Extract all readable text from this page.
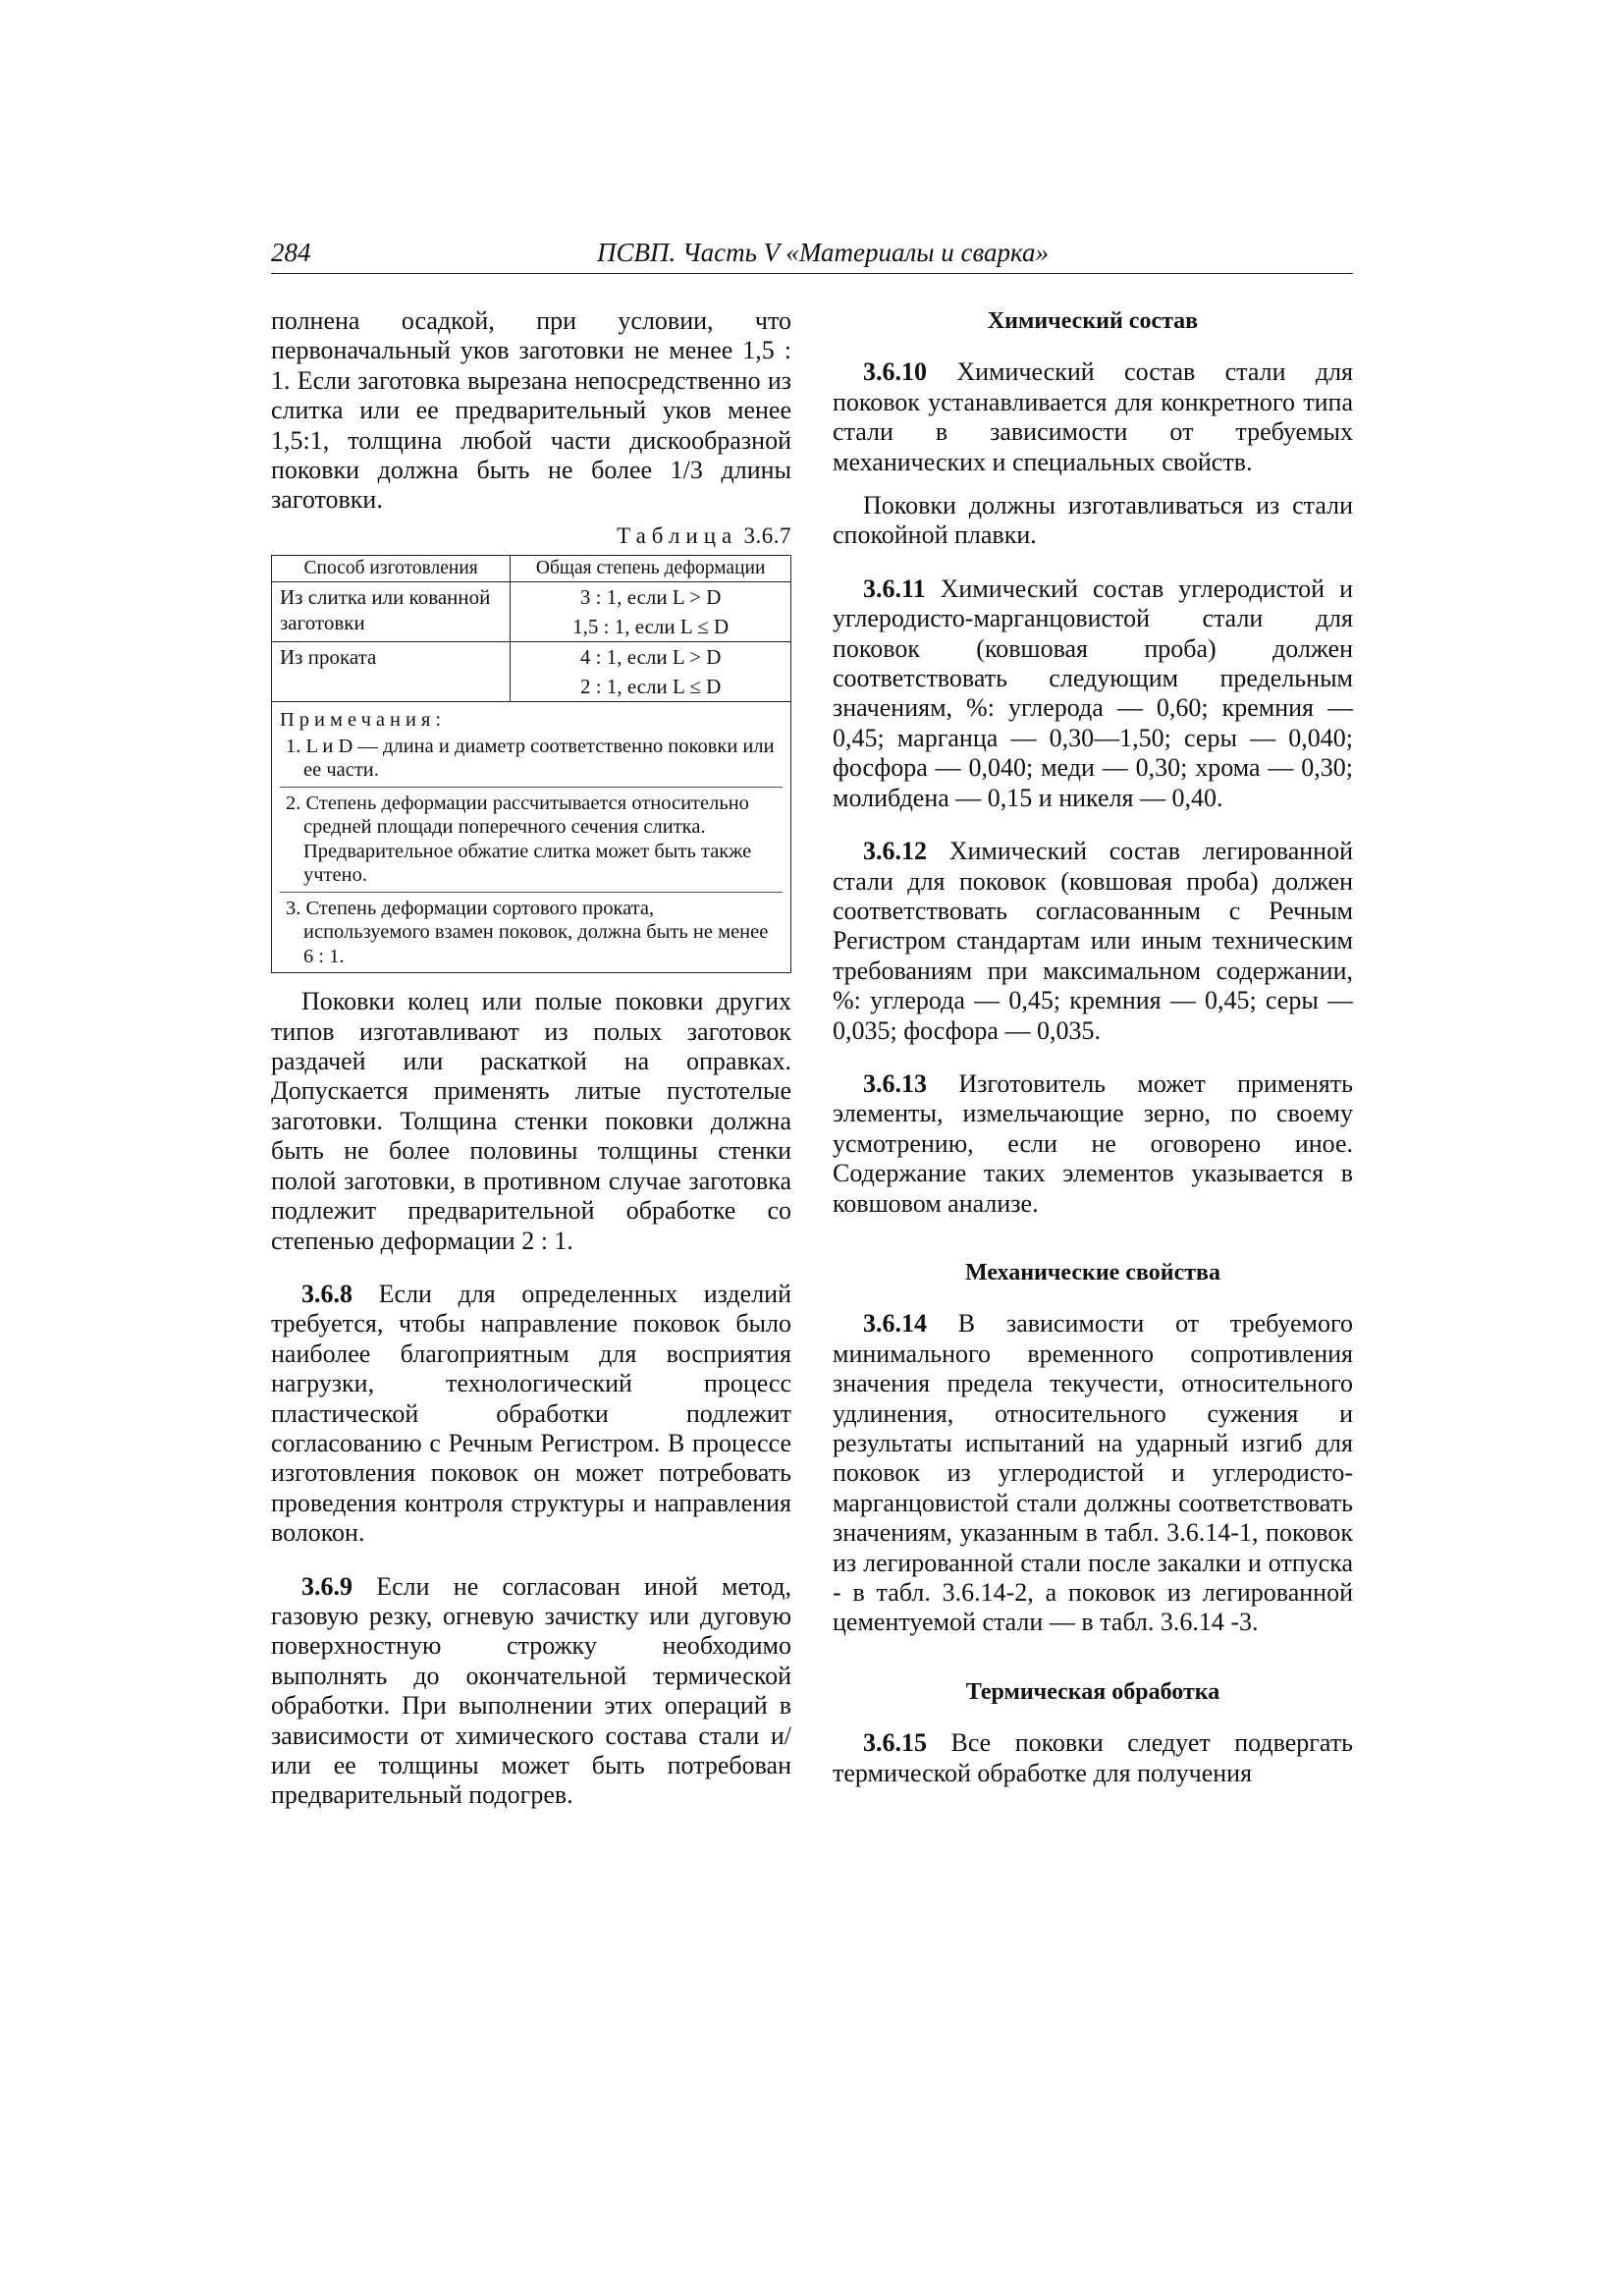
284	ПСВП. Часть V «Материалы и сварка»

полнена осадкой, при условии, что первоначальный уков заготовки не менее 1,5 : 1. Если заготовка вырезана непосредственно из слитка или ее предварительный уков менее 1,5:1, толщина любой части дискообразной поковки должна быть не более 1/3 длины заготовки.

Таблица 3.6.7
Способ изготовления	Общая степень деформации
Из слитка или кованной заготовки	3 : 1, если L > D
	1,5 : 1, если L ≤ D
Из проката	4 : 1, если L > D
	2 : 1, если L ≤ D

Примечания:

1. L и D — длина и диаметр соответственно поковки или ее части.

2. Степень деформации рассчитывается относительно средней площади поперечного сечения слитка. Предварительное обжатие слитка может быть также учтено.

3. Степень деформации сортового проката, используемого взамен поковок, должна быть не менее 6 : 1.	

Поковки колец или полые поковки других типов изготавливают из полых заготовок раздачей или раскаткой на оправках. Допускается применять литые пустотелые заготовки. Толщина стенки поковки должна быть не более половины толщины стенки полой заготовки, в противном случае заготовка подлежит предварительной обработке со степенью деформации 2 : 1.

3.6.8 Если для определенных изделий требуется, чтобы направление поковок было наиболее благоприятным для восприятия нагрузки, технологический процесс пластической обработки подлежит согласованию с Речным Регистром. В процессе изготовления поковок он может потребовать проведения контроля структуры и направления волокон.

3.6.9 Если не согласован иной метод, газовую резку, огневую зачистку или дуговую поверхностную строжку необходимо выполнять до окончательной термической обработки. При выполнении этих операций в зависимости от химического состава стали и/или ее толщины может быть потребован предварительный подогрев.

Химический состав

3.6.10 Химический состав стали для поковок устанавливается для конкретного типа стали в зависимости от требуемых механических и специальных свойств.

Поковки должны изготавливаться из стали спокойной плавки.

3.6.11 Химический состав углеродистой и углеродисто-марганцовистой стали для поковок (ковшовая проба) должен соответствовать следующим предельным значениям, %: углерода — 0,60; кремния — 0,45; марганца — 0,30—1,50; серы — 0,040; фосфора — 0,040; меди — 0,30; хрома — 0,30; молибдена — 0,15 и никеля — 0,40.

3.6.12 Химический состав легированной стали для поковок (ковшовая проба) должен соответствовать согласованным с Речным Регистром стандартам или иным техническим требованиям при максимальном содержании, %: углерода — 0,45; кремния — 0,45; серы — 0,035; фосфора — 0,035.

3.6.13 Изготовитель может применять элементы, измельчающие зерно, по своему усмотрению, если не оговорено иное. Содержание таких элементов указывается в ковшовом анализе.

Механические свойства

3.6.14 В зависимости от требуемого минимального временного сопротивления значения предела текучести, относительного удлинения, относительного сужения и результаты испытаний на ударный изгиб для поковок из углеродистой и углеродисто-марганцовистой стали должны соответствовать значениям, указанным в табл. 3.6.14-1, поковок из легированной стали после закалки и отпуска - в табл. 3.6.14-2, а поковок из легированной цементуемой стали — в табл. 3.6.14 -3.

Термическая обработка

3.6.15 Все поковки следует подвергать термической обработке для получения
